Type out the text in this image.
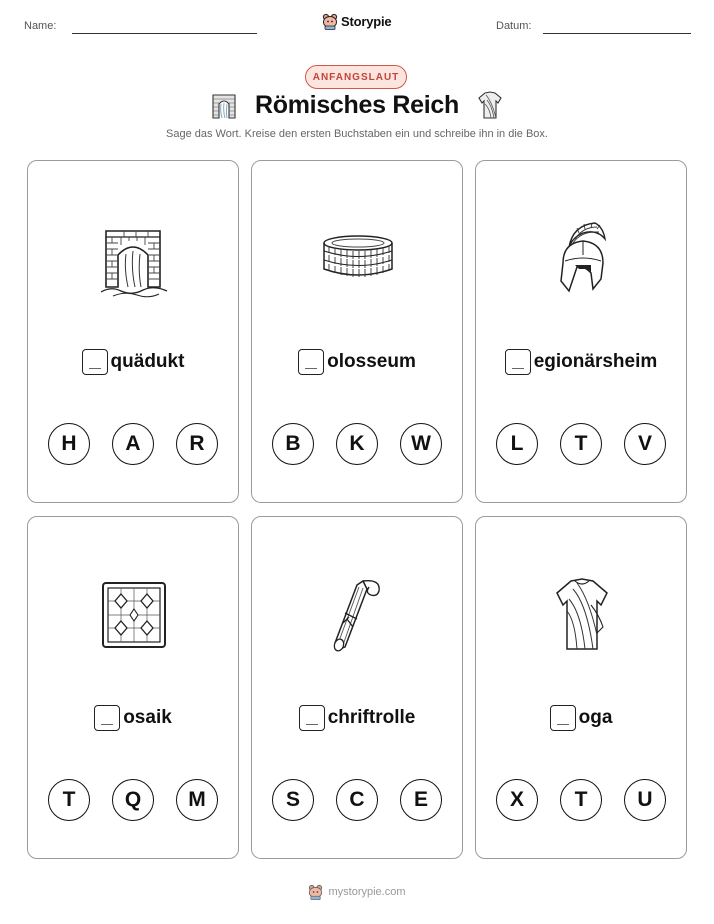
Name:	Storypie	Datum:
ANFANGSLAUT
Römisches Reich
Sage das Wort. Kreise den ersten Buchstaben ein und schreibe ihn in die Box.
quädukt
H	A	R
olosseum
B	K	W
egionärsheim
L	T	V
osaik
T	Q	M
chriftrolle
S	C	E
oga
X	T	U
mystorypie.com
